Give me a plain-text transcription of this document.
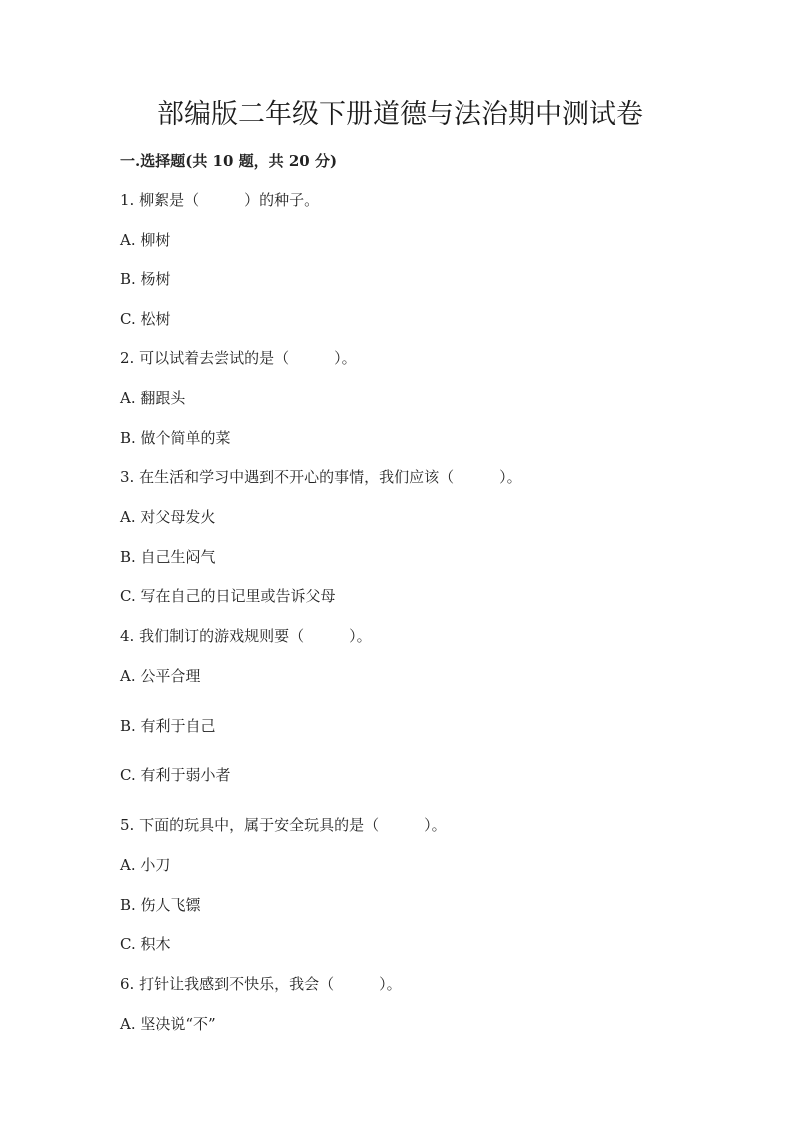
部编版二年级下册道德与法治期中测试卷
一.选择题(共 10 题，共 20 分)
1. 柳絮是（　　　）的种子。
A. 柳树
B. 杨树
C. 松树
2. 可以试着去尝试的是（　　　）。
A. 翻跟头
B. 做个简单的菜
3. 在生活和学习中遇到不开心的事情，我们应该（　　　）。
A. 对父母发火
B. 自己生闷气
C. 写在自己的日记里或告诉父母
4. 我们制订的游戏规则要（　　　）。
A. 公平合理
B. 有利于自己
C. 有利于弱小者
5. 下面的玩具中，属于安全玩具的是（　　　）。
A. 小刀
B. 伤人飞镖
C. 积木
6. 打针让我感到不快乐，我会（　　　）。
A. 坚决说“不”
